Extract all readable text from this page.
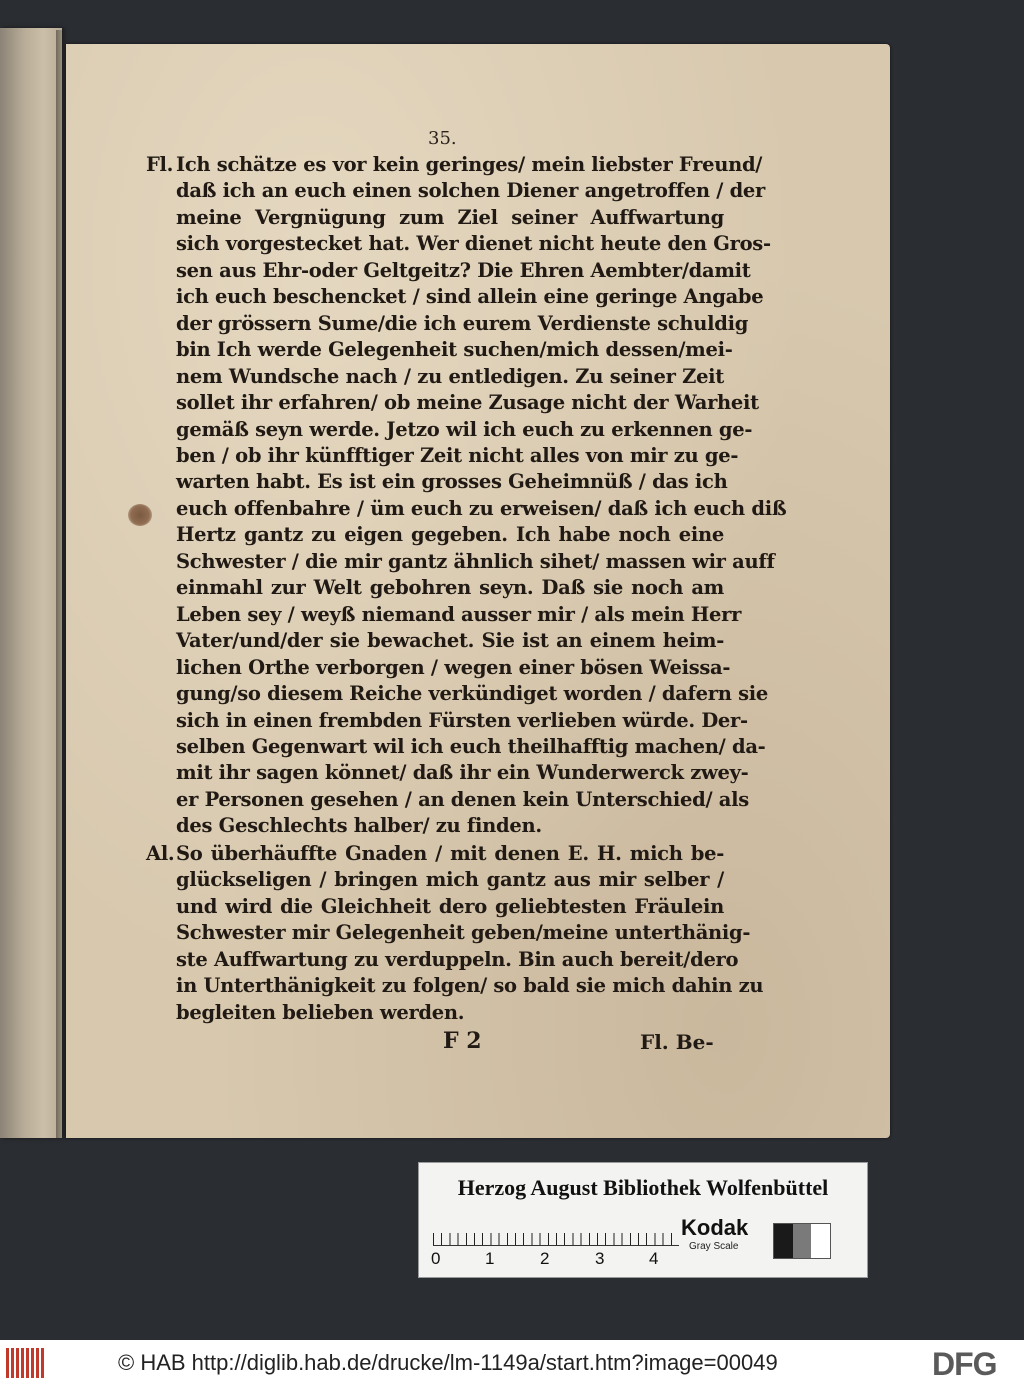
35.
Fl. Ich schätze es vor kein geringes/ mein liebster Freund/
daß ich an euch einen solchen Diener angetroffen / der
meine Vergnügung zum Ziel seiner Auffwartung
sich vorgestecket hat. Wer dienet nicht heute den Gros-
sen aus Ehr-oder Geltgeitz? Die Ehren Aembter/damit
ich euch beschencket / sind allein eine geringe Angabe
der grössern Sume/die ich eurem Verdienste schuldig
bin Ich werde Gelegenheit suchen/mich dessen/mei-
nem Wundsche nach / zu entledigen. Zu seiner Zeit
sollet ihr erfahren/ ob meine Zusage nicht der Warheit
gemäß seyn werde. Jetzo wil ich euch zu erkennen ge-
ben / ob ihr künfftiger Zeit nicht alles von mir zu ge-
warten habt. Es ist ein grosses Geheimnüß / das ich
euch offenbahre / üm euch zu erweisen/ daß ich euch diß
Hertz gantz zu eigen gegeben. Ich habe noch eine
Schwester / die mir gantz ähnlich sihet/ massen wir auff
einmahl zur Welt gebohren seyn. Daß sie noch am
Leben sey / weyß niemand ausser mir / als mein Herr
Vater/und/der sie bewachet. Sie ist an einem heim-
lichen Orthe verborgen / wegen einer bösen Weissa-
gung/so diesem Reiche verkündiget worden / dafern sie
sich in einen frembden Fürsten verlieben würde. Der-
selben Gegenwart wil ich euch theilhafftig machen/ da-
mit ihr sagen könnet/ daß ihr ein Wunderwerck zwey-
er Personen gesehen / an denen kein Unterschied/ als
des Geschlechts halber/ zu finden.
Al. So überhäuffte Gnaden / mit denen E. H. mich be-
glückseligen / bringen mich gantz aus mir selber /
und wird die Gleichheit dero geliebtesten Fräulein
Schwester mir Gelegenheit geben/meine unterthänig-
ste Auffwartung zu verduppeln. Bin auch bereit/dero
in Unterthänigkeit zu folgen/ so bald sie mich dahin zu
begleiten belieben werden.
F 2	Fl. Be-
Herzog August Bibliothek Wolfenbüttel
0	1	2	3	4
Kodak
Gray Scale
© HAB http://diglib.hab.de/drucke/lm-1149a/start.htm?image=00049	DFG
